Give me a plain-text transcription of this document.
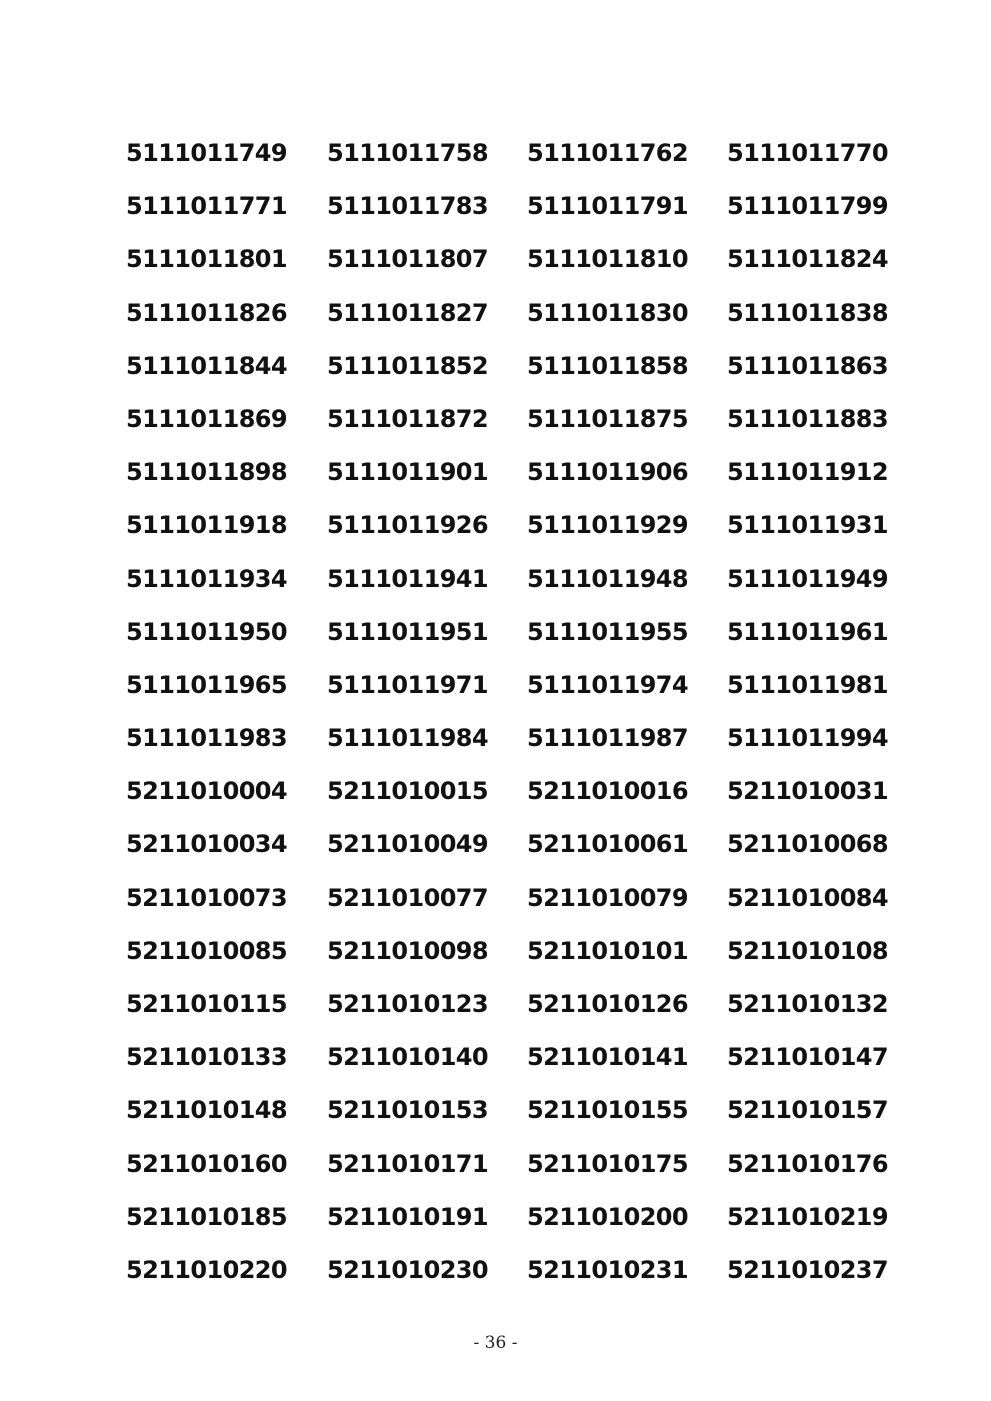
5111011749 5111011758 5111011762 5111011770
5111011771 5111011783 5111011791 5111011799
5111011801 5111011807 5111011810 5111011824
5111011826 5111011827 5111011830 5111011838
5111011844 5111011852 5111011858 5111011863
5111011869 5111011872 5111011875 5111011883
5111011898 5111011901 5111011906 5111011912
5111011918 5111011926 5111011929 5111011931
5111011934 5111011941 5111011948 5111011949
5111011950 5111011951 5111011955 5111011961
5111011965 5111011971 5111011974 5111011981
5111011983 5111011984 5111011987 5111011994
5211010004 5211010015 5211010016 5211010031
5211010034 5211010049 5211010061 5211010068
5211010073 5211010077 5211010079 5211010084
5211010085 5211010098 5211010101 5211010108
5211010115 5211010123 5211010126 5211010132
5211010133 5211010140 5211010141 5211010147
5211010148 5211010153 5211010155 5211010157
5211010160 5211010171 5211010175 5211010176
5211010185 5211010191 5211010200 5211010219
5211010220 5211010230 5211010231 5211010237
- 36 -
